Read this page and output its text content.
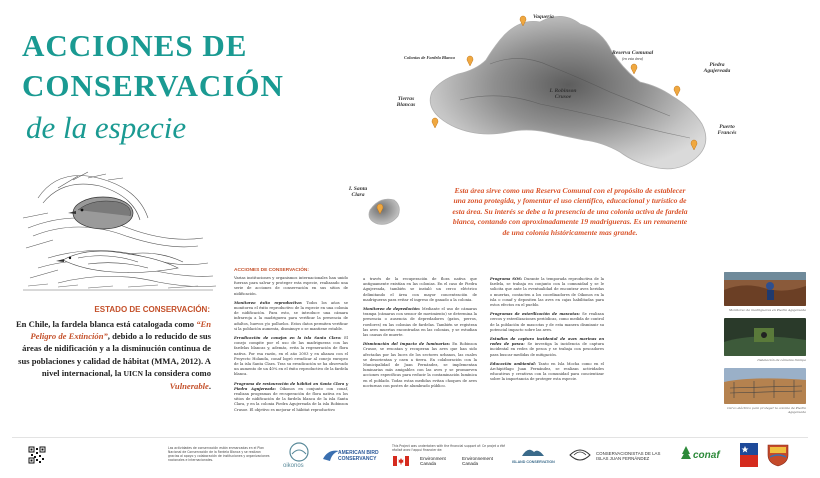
ACCIONES DE
CONSERVACIÓN
de la especie
ESTADO DE CONSERVACIÓN:
En Chile, la fardela blanca está catalogada como “En Peligro de Extinción”, debido a lo reducido de sus áreas de nidificación y a la disminución continua de sus poblaciones y calidad de hábitat (MMA, 2012). A nivel internacional, la UICN la considera como Vulnerable.
Vaquería
Colonias de Fardela Blanca
Reserva Comunal
(en esta área)
I. Robinson Crusoe
Tierras Blancas
Piedra Agujereada
Puerto Francés
I. Santa Clara
Esta área sirve como una Reserva Comunal con el propósito de establecer una zona protegida, y fomentar el uso científico, educacional y turístico de esta área. Su interés se debe a la presencia de una colonia activa de fardela blanca, contando con aproximadamente 19 madrigueras. Es un remanente de una colonia históricamente mas grande.
ACCIONES DE CONSERVACIÓN:

Varias instituciones y organismos internacionales han unido fuerzas para salvar y proteger esta especie, realizando una serie de acciones de conservación en sus sitios de nidificación.

Monitoreo éxito reproductivo: Todos los años se monitorea el éxito reproductivo de la especie en una colonia de nidificación. Para esto, se introduce una cámara infrarroja a la madriguera para verificar la presencia de adultos, huevos y/o polluelos. Estos datos permiten verificar si la población aumenta, disminuye o se mantiene estable.

Erradicación de conejos en la isla Santa Clara: El conejo compite por el uso de las madrigueras con las fardelas blancas y, además, evita la regeneración de flora nativa. Por esa razón, en el año 2003 y en alianza con el Proyecto Holanda, conaf logró erradicar al conejo europeo de la isla Santa Clara. Tras su erradicación se ha observado un aumento de un 40% en el éxito reproductivo de la fardela blanca.

Programa de restauración de hábitat en Santa Clara y Piedra Agujereada: Oikonos en conjunto con conaf, realizan programas de recuperación de flora nativa en los sitios de nidificación de la fardela blanca de la isla Santa Clara, y en la colonia Piedra Agujereada de la isla Robinson Crusoe. El objetivo es mejorar el hábitat reproductivo

a través de la recuperación de flora nativa que antiguamente existían en las colonias. En el caso de Piedra Agujereada, también se instaló un cerco eléctrico delimitando el área con mayor concentración de madrigueras para evitar el ingreso de ganado a la colonia.

Monitoreo de depredación: Mediante el uso de cámaras trampa (cámaras con sensor de movimiento) se determina la presencia o ausencia de depredadores (gatos, perros, roedores) en las colonias de fardelas. También se registran las aves muertas encontradas en las colonias, y se estudian las causas de muerte.

Disminución del impacto de luminarias: En Robinson Crusoe, se rescatan y recuperan las aves que han sido afectadas por las luces de los sectores urbanos, las cuales se desorientan y caen a tierra. En colaboración con la Municipalidad de Juan Fernández, se implementan luminarias más amigables con las aves y se promueven acciones específicas para reducir la contaminación lumínica en el poblado. Todas estas medidas evitan choques de aves nocturnas con postes de alumbrado público.

Programa SOS: Durante la temporada reproductiva de la fardela, se trabaja en conjunto con la comunidad y se le solicita que ante la eventualidad de encontrar aves heridas o muertas, contacten a los coordinadores de Oikonos en la isla o conaf y depositen las aves en cajas habilitadas para estos efectos en el pueblo.

Programas de esterilización de mascotas: Se realizan cercos y esterilizaciones periódicas, como medida de control de la población de mascotas y de esta manera disminuir su potencial impacto sobre las aves.

Estudios de captura incidental de aves marinas en redes de pesca: Se investiga la incidencia de captura incidental en redes de pesca y se trabaja con pescadores para buscar medidas de mitigación.

Educación ambiental: Tanto en Isla Mocha como en el Archipiélago Juan Fernández, se realizan actividades educativas y creativas con la comunidad para concientizar sobre la importancia de proteger esta especie.

Monitoreo de madrigueras en Piedra Agujereada
Instalación de cámaras trampa
Cerco eléctrico para proteger la colonia de Piedra Agujereada
Las actividades de conservación están enmarcadas en el Plan Nacional de Conservación de la Fardela Blanca y se realizan gracias al apoyo y colaboración de instituciones y organizaciones nacionales e internacionales.
oikonos
AMERICAN BIRD
CONSERVANCY
This Project was undertaken with the financial support of: Ce projet a été réalisé avec l'appui financier de:
Environment
Canada
Environnement
Canada	ISLAND CONSERVATION
CONSERVACIONISTAS DE LAS
ISLAS JUAN FERNÁNDEZ	conaf
